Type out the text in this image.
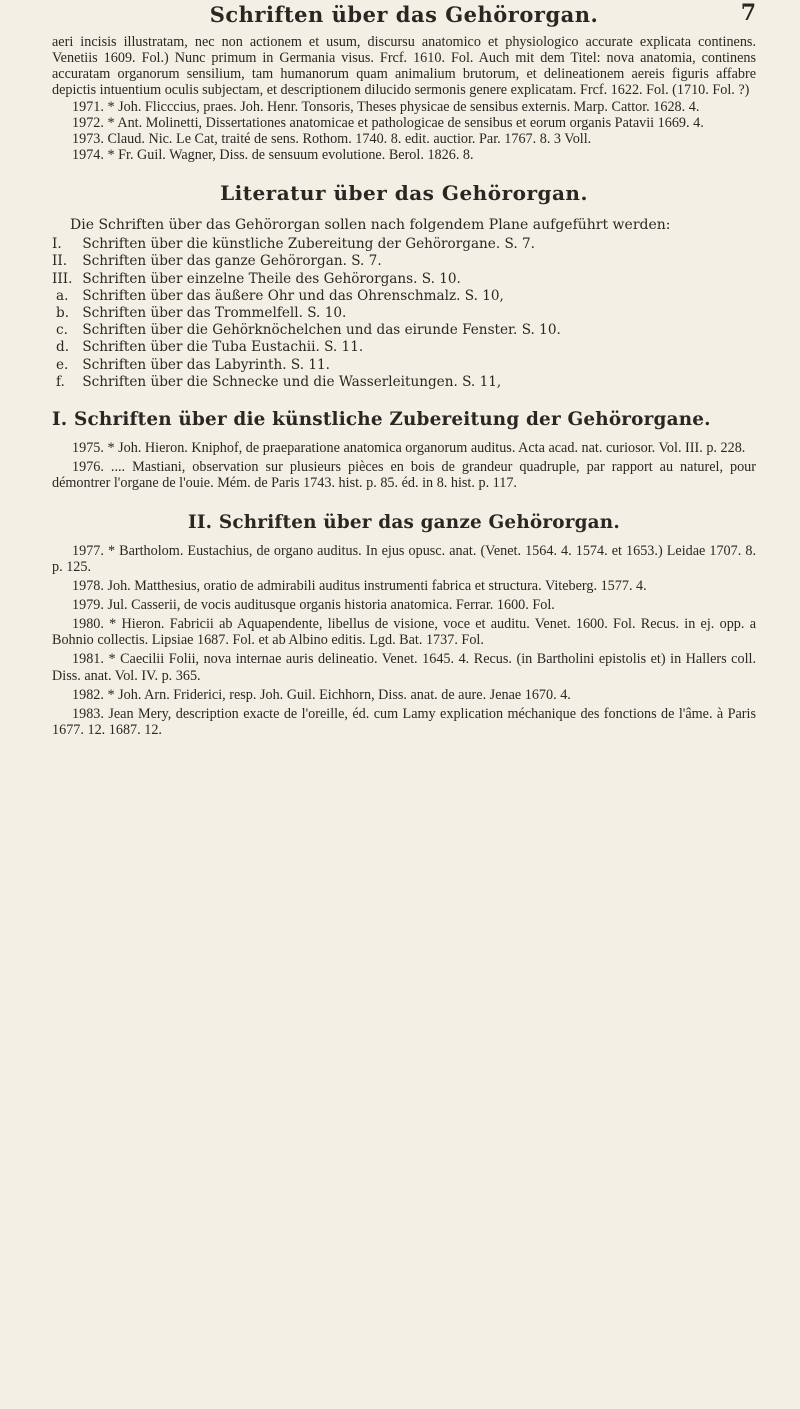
Schriften über das Gehörorgan.	7

aeri incisis illustratam, nec non actionem et usum, discursu anatomico et physiologico accurate explicata continens. Venetiis 1609. Fol.) Nunc primum in Germania visus. Frcf. 1610. Fol. Auch mit dem Titel: nova anatomia, continens accuratam organorum sensilium, tam humanorum quam animalium brutorum, et delineationem aereis figuris affabre depictis intuentium oculis subjectam, et descriptionem dilucido sermonis genere explicatam. Frcf. 1622. Fol. (1710. Fol. ?)

1971. * Joh. Flicccius, praes. Joh. Henr. Tonsoris, Theses physicae de sensibus externis. Marp. Cattor. 1628. 4.

1972. * Ant. Molinetti, Dissertationes anatomicae et pathologicae de sensibus et eorum organis Patavii 1669. 4.

1973. Claud. Nic. Le Cat, traité de sens. Rothom. 1740. 8. edit. auctior. Par. 1767. 8. 3 Voll.

1974. * Fr. Guil. Wagner, Diss. de sensuum evolutione. Berol. 1826. 8.

Literatur über das Gehörorgan.

Die Schriften über das Gehörorgan sollen nach folgendem Plane aufgeführt werden:

I. Schriften über die künstliche Zubereitung der Gehörorgane. S. 7.
II. Schriften über das ganze Gehörorgan. S. 7.
III. Schriften über einzelne Theile des Gehörorgans. S. 10.
a. Schriften über das äußere Ohr und das Ohrenschmalz. S. 10,
b. Schriften über das Trommelfell. S. 10.
c. Schriften über die Gehörknöchelchen und das eirunde Fenster. S. 10.
d. Schriften über die Tuba Eustachii. S. 11.
e. Schriften über das Labyrinth. S. 11.
f. Schriften über die Schnecke und die Wasserleitungen. S. 11,
I. Schriften über die künstliche Zubereitung der Gehörorgane.

1975. * Joh. Hieron. Kniphof, de praeparatione anatomica organorum auditus. Acta acad. nat. curiosor. Vol. III. p. 228.

1976. .... Mastiani, observation sur plusieurs pièces en bois de grandeur quadruple, par rapport au naturel, pour démontrer l'organe de l'ouie. Mém. de Paris 1743. hist. p. 85. éd. in 8. hist. p. 117.

II. Schriften über das ganze Gehörorgan.

1977. * Bartholom. Eustachius, de organo auditus. In ejus opusc. anat. (Venet. 1564. 4. 1574. et 1653.) Leidae 1707. 8. p. 125.

1978. Joh. Matthesius, oratio de admirabili auditus instrumenti fabrica et structura. Viteberg. 1577. 4.

1979. Jul. Casserii, de vocis auditusque organis historia anatomica. Ferrar. 1600. Fol.

1980. * Hieron. Fabricii ab Aquapendente, libellus de visione, voce et auditu. Venet. 1600. Fol. Recus. in ej. opp. a Bohnio collectis. Lipsiae 1687. Fol. et ab Albino editis. Lgd. Bat. 1737. Fol.

1981. * Caecilii Folii, nova internae auris delineatio. Venet. 1645. 4. Recus. (in Bartholini epistolis et) in Hallers coll. Diss. anat. Vol. IV. p. 365.

1982. * Joh. Arn. Friderici, resp. Joh. Guil. Eichhorn, Diss. anat. de aure. Jenae 1670. 4.

1983. Jean Mery, description exacte de l'oreille, éd. cum Lamy explication méchanique des fonctions de l'âme. à Paris 1677. 12. 1687. 12.
